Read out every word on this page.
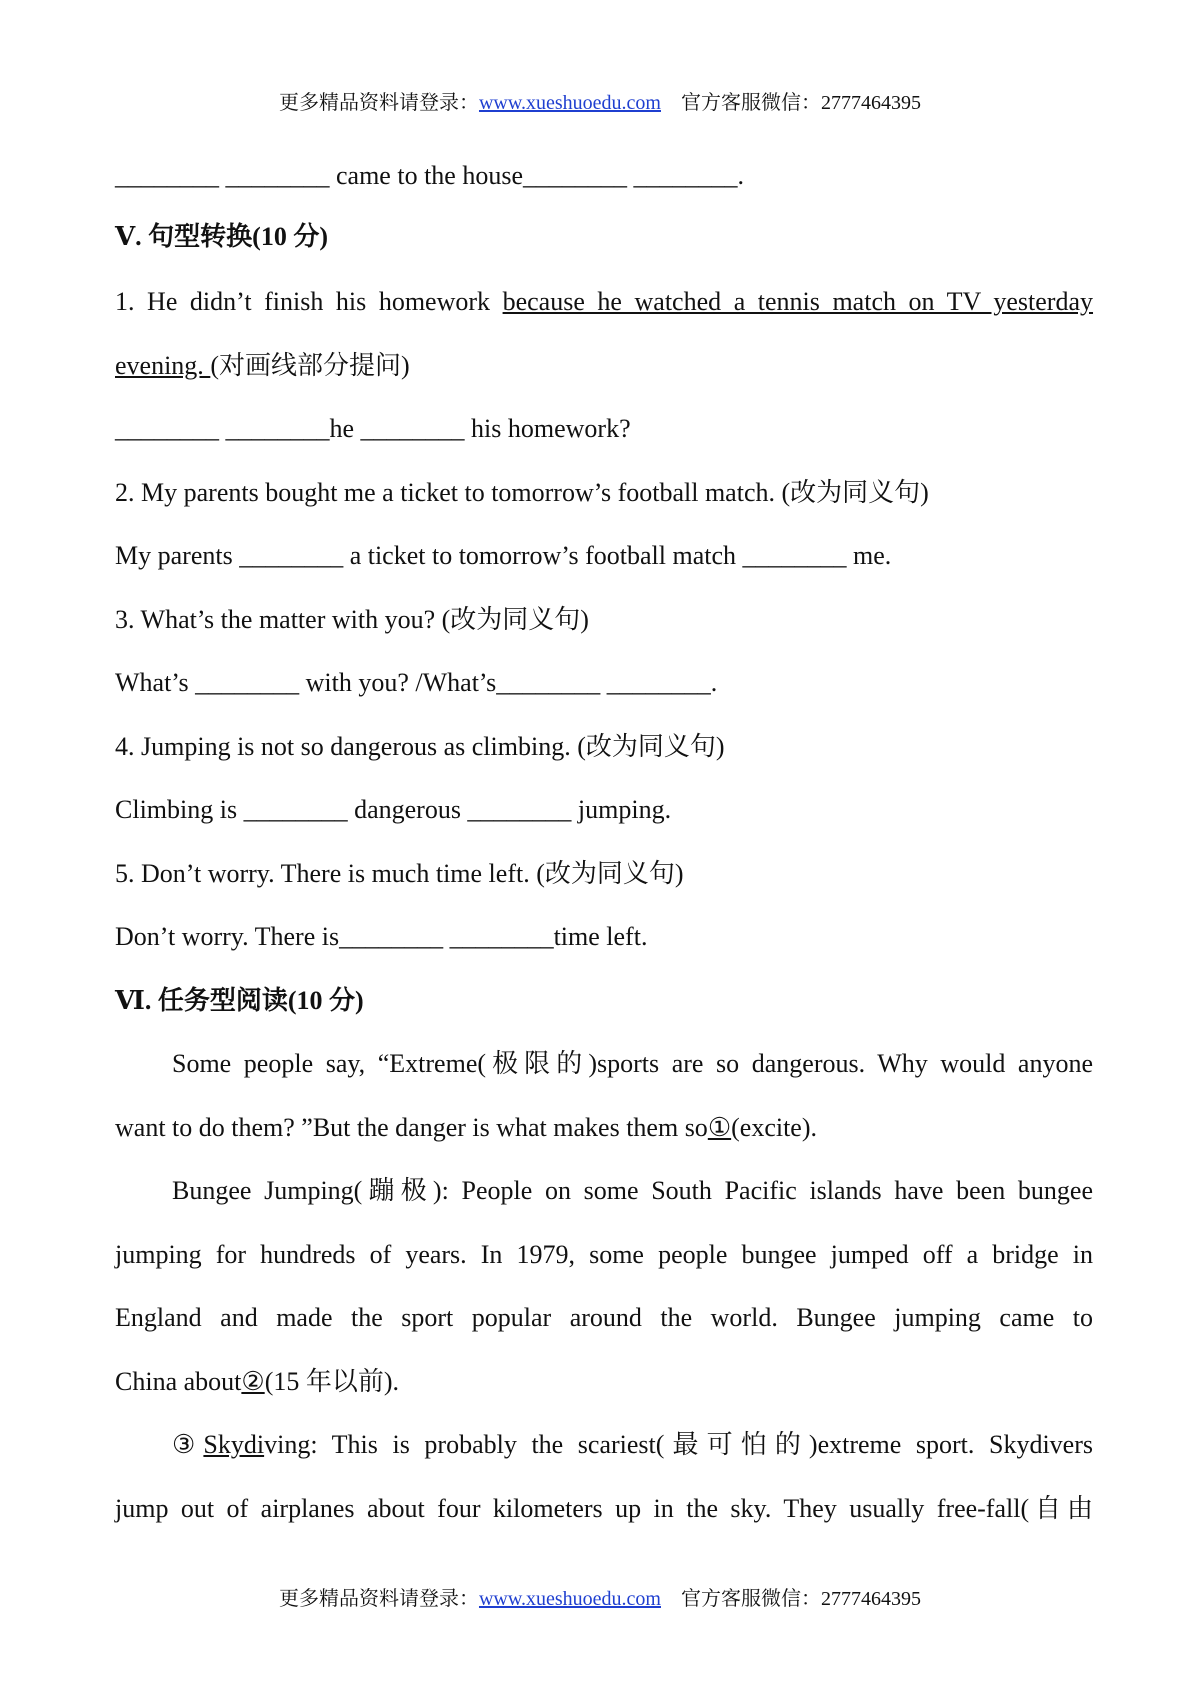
更多精品资料请登录：www.xueshuoedu.com 官方客服微信：2777464395
________ ________ came to the house________ ________.
Ⅴ. 句型转换(10 分)
1. He didn’t finish his homework because he watched a tennis match on TV yesterday
evening. (对画线部分提问)
________ ________he ________ his homework?
2. My parents bought me a ticket to tomorrow’s football match. (改为同义句)
My parents ________ a ticket to tomorrow’s football match ________ me.
3. What’s the matter with you? (改为同义句)
What’s ________ with you? /What’s________ ________.
4. Jumping is not so dangerous as climbing. (改为同义句)
Climbing is ________ dangerous ________ jumping.
5. Don’t worry. There is much time left. (改为同义句)
Don’t worry. There is________ ________time left.
Ⅵ. 任务型阅读(10 分)
Some people say, “Extreme(极限的)sports are so dangerous. Why would anyone
want to do them? ”But the danger is what makes them so①(excite).
Bungee Jumping(蹦极): People on some South Pacific islands have been bungee
jumping for hundreds of years. In 1979, some people bungee jumped off a bridge in
England and made the sport popular around the world. Bungee jumping came to
China about②(15 年以前).
③Skydiving: This is probably the scariest(最可怕的)extreme sport. Skydivers
jump out of airplanes about four kilometers up in the sky. They usually free-fall(自由
更多精品资料请登录：www.xueshuoedu.com 官方客服微信：2777464395
